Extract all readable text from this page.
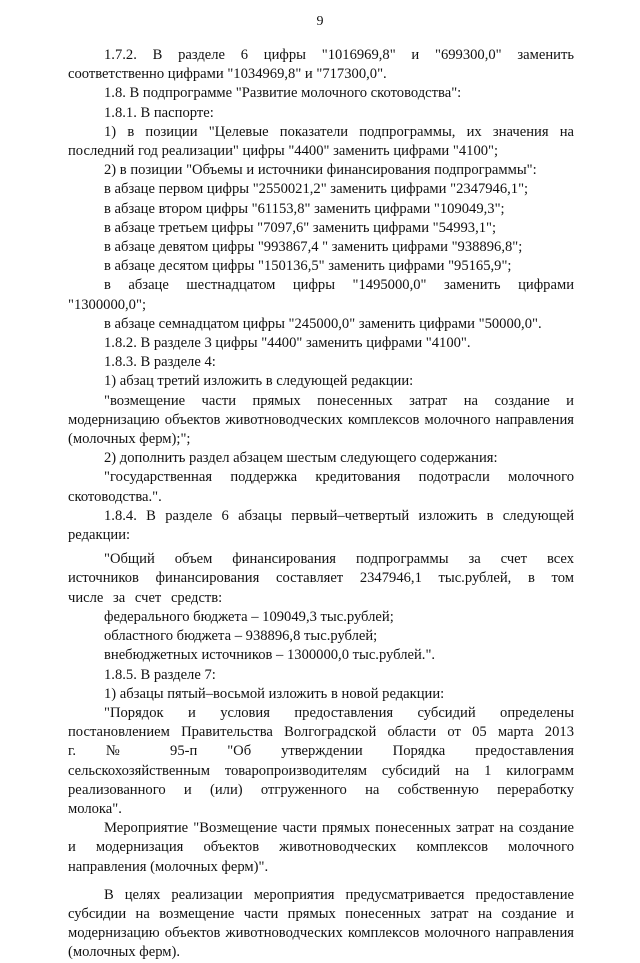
9

1.7.2. В разделе 6 цифры "1016969,8" и "699300,0" заменить соответственно цифрами "1034969,8" и "717300,0".

1.8. В подпрограмме "Развитие молочного скотоводства":

1.8.1. В паспорте:

1) в позиции "Целевые показатели подпрограммы, их значения на последний год реализации" цифры "4400" заменить цифрами "4100";

2) в позиции "Объемы и источники финансирования подпрограммы":

в абзаце первом цифры "2550021,2" заменить цифрами "2347946,1";

в абзаце втором цифры "61153,8" заменить цифрами "109049,3";

в абзаце третьем цифры "7097,6" заменить цифрами "54993,1";

в абзаце девятом цифры "993867,4 " заменить цифрами "938896,8";

в абзаце десятом цифры "150136,5" заменить цифрами "95165,9";

в абзаце шестнадцатом цифры "1495000,0" заменить цифрами "1300000,0";

в абзаце семнадцатом цифры "245000,0" заменить цифрами "50000,0".

1.8.2. В разделе 3 цифры "4400" заменить цифрами "4100".

1.8.3. В разделе 4:

1) абзац третий изложить в следующей редакции:

"возмещение части прямых понесенных затрат на создание и модернизацию объектов животноводческих комплексов молочного направления (молочных ферм);";

2) дополнить раздел абзацем шестым следующего содержания:

"государственная поддержка кредитования подотрасли молочного скотоводства.".

1.8.4. В разделе 6 абзацы первый–четвертый изложить в следующей редакции:

"Общий объем финансирования подпрограммы за счет всех источников финансирования составляет 2347946,1 тыс.рублей, в том числе за счет средств:

федерального бюджета – 109049,3 тыс.рублей;

областного бюджета – 938896,8 тыс.рублей;

внебюджетных источников – 1300000,0 тыс.рублей.".

1.8.5. В разделе 7:

1) абзацы пятый–восьмой изложить в новой редакции:

"Порядок и условия предоставления субсидий определены постановлением Правительства Волгоградской области от 05 марта 2013 г. № 95-п "Об утверждении Порядка предоставления сельскохозяйственным товаропроизводителям субсидий на 1 килограмм реализованного и (или) отгруженного на собственную переработку молока".

Мероприятие "Возмещение части прямых понесенных затрат на создание и модернизация объектов животноводческих комплексов молочного направления (молочных ферм)".

В целях реализации мероприятия предусматривается предоставление субсидии на возмещение части прямых понесенных затрат на создание и модернизацию объектов животноводческих комплексов молочного направления (молочных ферм).
